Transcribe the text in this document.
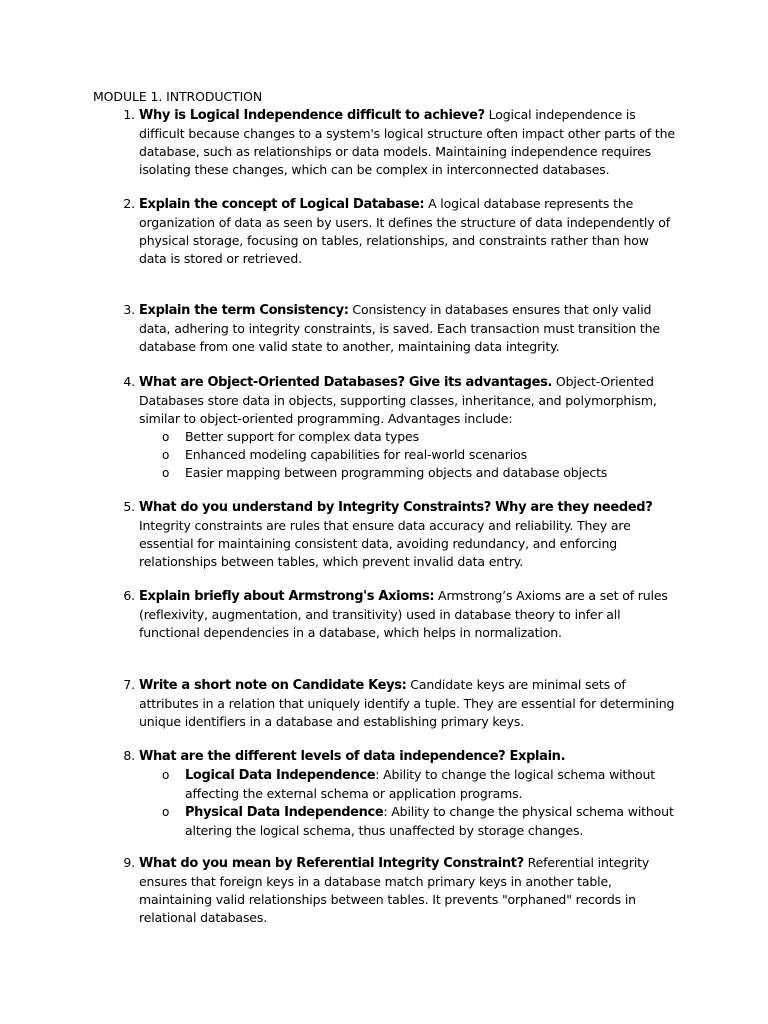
MODULE 1. INTRODUCTION
1. Why is Logical Independence difficult to achieve? Logical independence is difficult because changes to a system's logical structure often impact other parts of the database, such as relationships or data models. Maintaining independence requires isolating these changes, which can be complex in interconnected databases.
2. Explain the concept of Logical Database: A logical database represents the organization of data as seen by users. It defines the structure of data independently of physical storage, focusing on tables, relationships, and constraints rather than how data is stored or retrieved.
3. Explain the term Consistency: Consistency in databases ensures that only valid data, adhering to integrity constraints, is saved. Each transaction must transition the database from one valid state to another, maintaining data integrity.
4. What are Object-Oriented Databases? Give its advantages. Object-Oriented Databases store data in objects, supporting classes, inheritance, and polymorphism, similar to object-oriented programming. Advantages include:
o Better support for complex data types
o Enhanced modeling capabilities for real-world scenarios
o Easier mapping between programming objects and database objects
5. What do you understand by Integrity Constraints? Why are they needed? Integrity constraints are rules that ensure data accuracy and reliability. They are essential for maintaining consistent data, avoiding redundancy, and enforcing relationships between tables, which prevent invalid data entry.
6. Explain briefly about Armstrong's Axioms: Armstrong’s Axioms are a set of rules (reflexivity, augmentation, and transitivity) used in database theory to infer all functional dependencies in a database, which helps in normalization.
7. Write a short note on Candidate Keys: Candidate keys are minimal sets of attributes in a relation that uniquely identify a tuple. They are essential for determining unique identifiers in a database and establishing primary keys.
8. What are the different levels of data independence? Explain.
o Logical Data Independence: Ability to change the logical schema without affecting the external schema or application programs.
o Physical Data Independence: Ability to change the physical schema without altering the logical schema, thus unaffected by storage changes.
9. What do you mean by Referential Integrity Constraint? Referential integrity ensures that foreign keys in a database match primary keys in another table, maintaining valid relationships between tables. It prevents "orphaned" records in relational databases.
